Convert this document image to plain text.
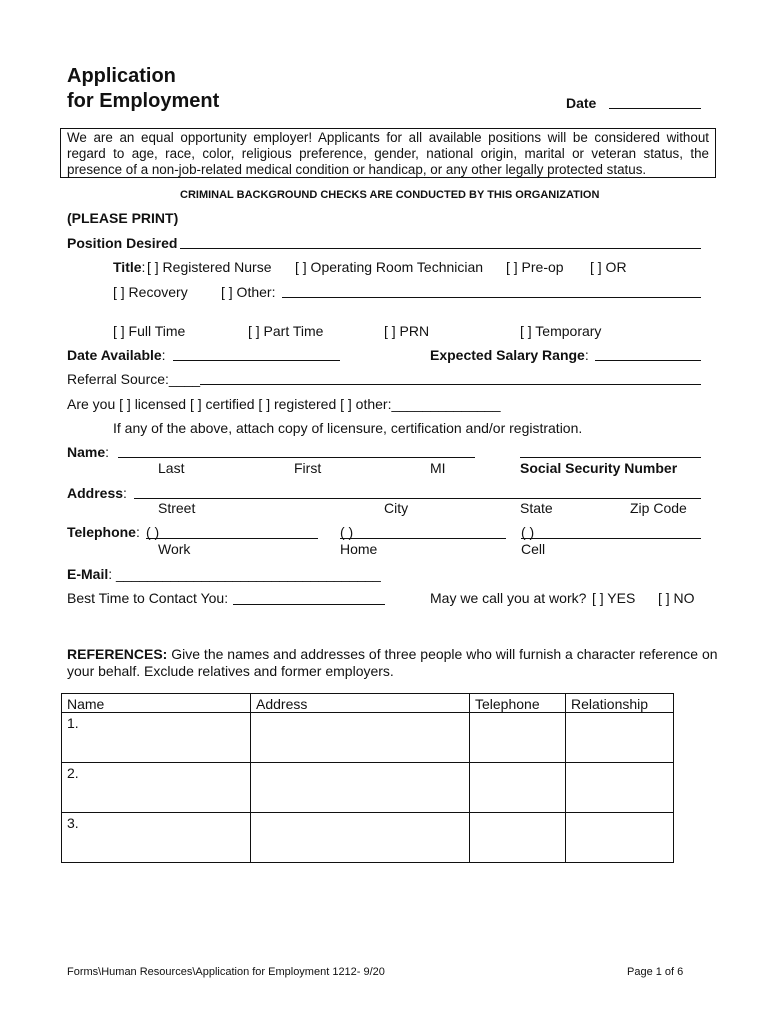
Application
for Employment	Date
We are an equal opportunity employer! Applicants for all available positions will be considered without regard to age, race, color, religious preference, gender, national origin, marital or veteran status, the presence of a non-job-related medical condition or handicap, or any other legally protected status.
CRIMINAL BACKGROUND CHECKS ARE CONDUCTED BY THIS ORGANIZATION
(PLEASE PRINT)
Position Desired
Title: [ ] Registered Nurse [ ] Operating Room Technician [ ] Pre-op [ ] OR
[ ] Recovery [ ] Other:
[ ] Full Time	[ ] Part Time	[ ] PRN	[ ] Temporary
Date Available:	Expected Salary Range:
Referral Source:____
Are you [ ] licensed [ ] certified [ ] registered [ ] other:______________
If any of the above, attach copy of licensure, certification and/or registration.
Name:
Last	First	MI	Social Security Number
Address:
Street	City	State	Zip Code
Telephone: ( )	( )	( )
Work	Home	Cell
E-Mail: __________________________________
Best Time to Contact You:	May we call you at work? [ ] YES [ ] NO
REFERENCES: Give the names and addresses of three people who will furnish a character reference on your behalf. Exclude relatives and former employers.
Name	Address	Telephone	Relationship
1.			
2.			
3.			
Forms\Human Resources\Application for Employment 1212- 9/20	Page 1 of 6
